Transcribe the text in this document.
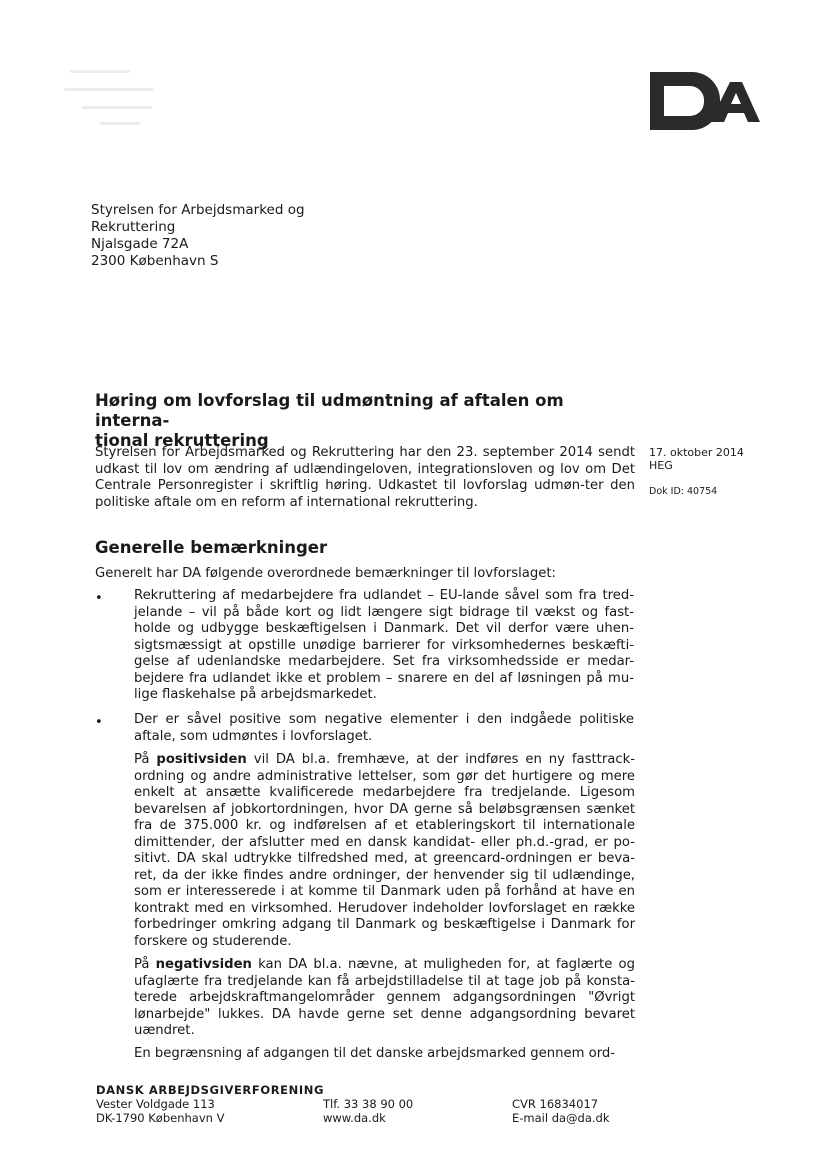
Styrelsen for Arbejdsmarked og
Rekruttering
Njalsgade 72A
2300 København S
Høring om lovforslag til udmøntning af aftalen om interna-
tional rekruttering
Styrelsen for Arbejdsmarked og Rekruttering har den 23. september 2014 sendt udkast til lov om ændring af udlændingeloven, integrationsloven og lov om Det Centrale Personregister i skriftlig høring. Udkastet til lovforslag udmøn-ter den politiske aftale om en reform af international rekruttering.
17. oktober 2014
HEG
Dok ID: 40754
Generelle bemærkninger
Generelt har DA følgende overordnede bemærkninger til lovforslaget:
• Rekruttering af medarbejdere fra udlandet – EU-lande såvel som fra tred-jelande – vil på både kort og lidt længere sigt bidrage til vækst og fast-holde og udbygge beskæftigelsen i Danmark. Det vil derfor være uhen-sigtsmæssigt at opstille unødige barrierer for virksomhedernes beskæfti-gelse af udenlandske medarbejdere. Set fra virksomhedsside er medar-bejdere fra udlandet ikke et problem – snarere en del af løsningen på mu-lige flaskehalse på arbejdsmarkedet.
• Der er såvel positive som negative elementer i den indgåede politiske aftale, som udmøntes i lovforslaget.
På positivsiden vil DA bl.a. fremhæve, at der indføres en ny fasttrack-ordning og andre administrative lettelser, som gør det hurtigere og mere enkelt at ansætte kvalificerede medarbejdere fra tredjelande. Ligesom bevarelsen af jobkortordningen, hvor DA gerne så beløbsgrænsen sænket fra de 375.000 kr. og indførelsen af et etableringskort til internationale dimittender, der afslutter med en dansk kandidat- eller ph.d.-grad, er po-sitivt. DA skal udtrykke tilfredshed med, at greencard-ordningen er beva-ret, da der ikke findes andre ordninger, der henvender sig til udlændinge, som er interesserede i at komme til Danmark uden på forhånd at have en kontrakt med en virksomhed. Herudover indeholder lovforslaget en række forbedringer omkring adgang til Danmark og beskæftigelse i Danmark for forskere og studerende.
På negativsiden kan DA bl.a. nævne, at muligheden for, at faglærte og ufaglærte fra tredjelande kan få arbejdstilladelse til at tage job på konsta-terede arbejdskraftmangelområder gennem adgangsordningen "Øvrigt lønarbejde" lukkes. DA havde gerne set denne adgangsordning bevaret uændret.
En begrænsning af adgangen til det danske arbejdsmarked gennem ord-
DANSK ARBEJDSGIVERFORENING
Vester Voldgade 113
DK-1790 København V
Tlf. 33 38 90 00
www.da.dk
CVR 16834017
E-mail da@da.dk
